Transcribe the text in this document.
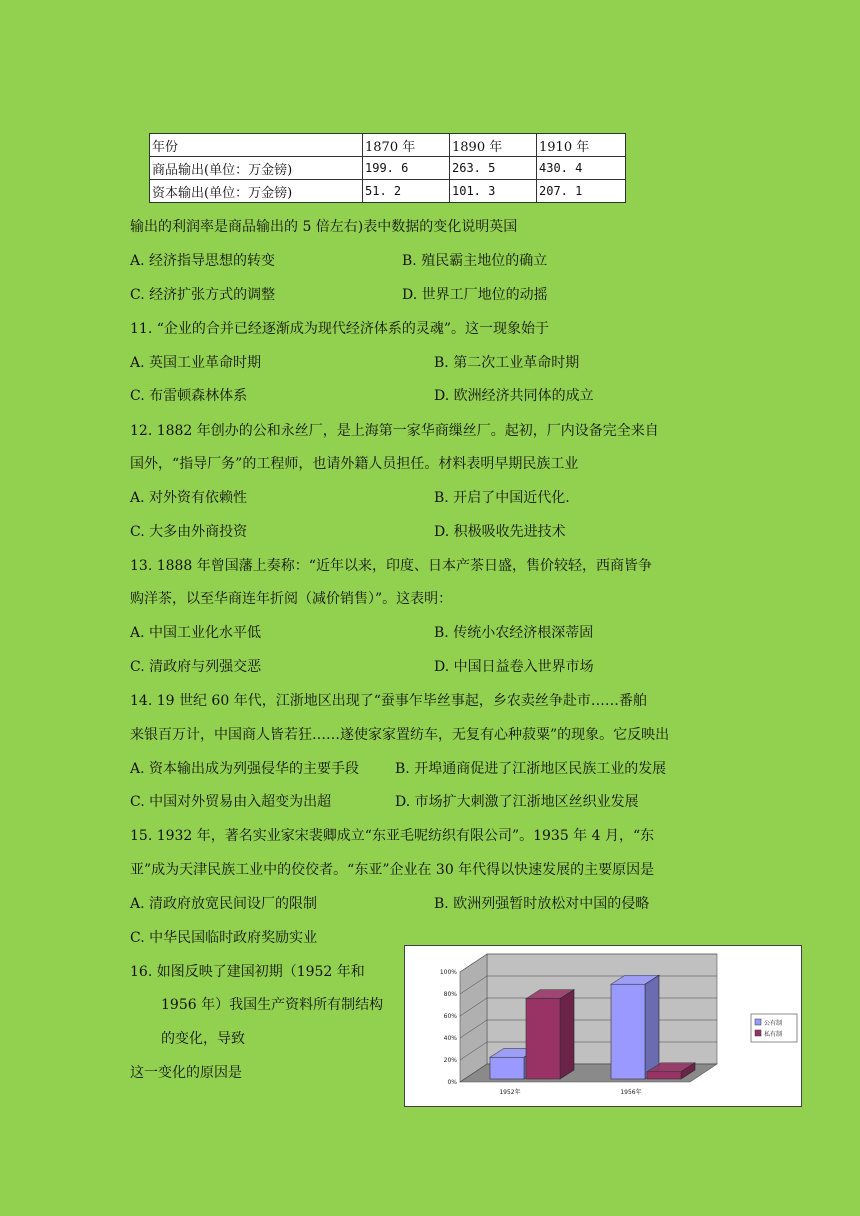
年份	1870 年	1890 年	1910 年
商品输出(单位：万金镑)	199. 6	263. 5	430. 4
资本输出(单位：万金镑)	51. 2	101. 3	207. 1
输出的利润率是商品输出的 5 倍左右)表中数据的变化说明英国
A. 经济指导思想的转变	B. 殖民霸主地位的确立
C. 经济扩张方式的调整	D. 世界工厂地位的动摇
11. “企业的合并已经逐渐成为现代经济体系的灵魂”。这一现象始于
A. 英国工业革命时期	B. 第二次工业革命时期
C. 布雷顿森林体系	D. 欧洲经济共同体的成立
12. 1882 年创办的公和永丝厂，是上海第一家华商缫丝厂。起初，厂内设备完全来自
国外，“指导厂务”的工程师，也请外籍人员担任。材料表明早期民族工业
A. 对外资有依赖性	B. 开启了中国近代化.
C. 大多由外商投资	D. 积极吸收先进技术
13. 1888 年曾国藩上奏称：“近年以来，印度、日本产茶日盛，售价较轻，西商皆争
购洋茶，以至华商连年折阅（减价销售）”。这表明：
A. 中国工业化水平低	B. 传统小农经济根深蒂固
C. 清政府与列强交恶	D. 中国日益卷入世界市场
14. 19 世纪 60 年代，江浙地区出现了“蚕事乍毕丝事起，乡农卖丝争赴市……番舶
来银百万计，中国商人皆若狂……遂使家家置纺车，无复有心种菽粟”的现象。它反映出
A. 资本输出成为列强侵华的主要手段	B. 开埠通商促进了江浙地区民族工业的发展
C. 中国对外贸易由入超变为出超	D. 市场扩大刺激了江浙地区丝织业发展
15. 1932 年，著名实业家宋裴卿成立“东亚毛呢纺织有限公司”。1935 年 4 月，“东
亚”成为天津民族工业中的佼佼者。“东亚”企业在 30 年代得以快速发展的主要原因是
A. 清政府放宽民间设厂的限制	B. 欧洲列强暂时放松对中国的侵略
C. 中华民国临时政府奖励实业
16. 如图反映了建国初期（1952 年和
1956 年）我国生产资料所有制结构
的变化，导致
这一变化的原因是
0%
20%
40%
60%
80%
100%
1952年	1956年
公有制
私有制
